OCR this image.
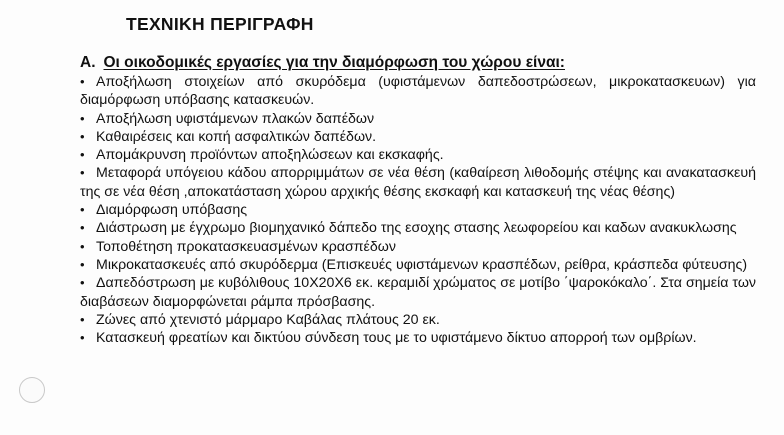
ΤΕΧΝΙΚΗ ΠΕΡΙΓΡΑΦΗ
Α. Οι οικοδομικές εργασίες για την διαμόρφωση του χώρου είναι:
• Αποξήλωση στοιχείων από σκυρόδεμα (υφιστάμενων δαπεδοστρώσεων, μικροκατασκευων) για διαμόρφωση υπόβασης κατασκευών.
• Αποξήλωση υφιστάμενων πλακών δαπέδων
• Καθαιρέσεις και κοπή ασφαλτικών δαπέδων.
• Απομάκρυνση προϊόντων αποξηλώσεων και εκσκαφής.
• Μεταφορά υπόγειου κάδου απορριμμάτων σε νέα θέση (καθαίρεση λιθοδομής στέψης και ανακατασκευή της σε νέα θέση ,αποκατάσταση χώρου αρχικής θέσης εκσκαφή και κατασκευή της νέας θέσης)
• Διαμόρφωση υπόβασης
• Διάστρωση με έγχρωμο βιομηχανικό δάπεδο της εσοχης στασης λεωφορείου και καδων ανακυκλωσης
• Τοποθέτηση προκατασκευασμένων κρασπέδων
• Μικροκατασκευές από σκυρόδερμα (Επισκευές υφιστάμενων κρασπέδων, ρείθρα, κράσπεδα φύτευσης)
• Δαπεδόστρωση με κυβόλιθους 10Χ20Χ6 εκ. κεραμιδί χρώματος σε μοτίβο ΄ψαροκόκαλο΄. Στα σημεία των διαβάσεων διαμορφώνεται ράμπα πρόσβασης.
• Ζώνες από χτενιστό μάρμαρο Καβάλας πλάτους 20 εκ.
• Κατασκευή φρεατίων και δικτύου σύνδεση τους με το υφιστάμενο δίκτυο απορροή των ομβρίων.
